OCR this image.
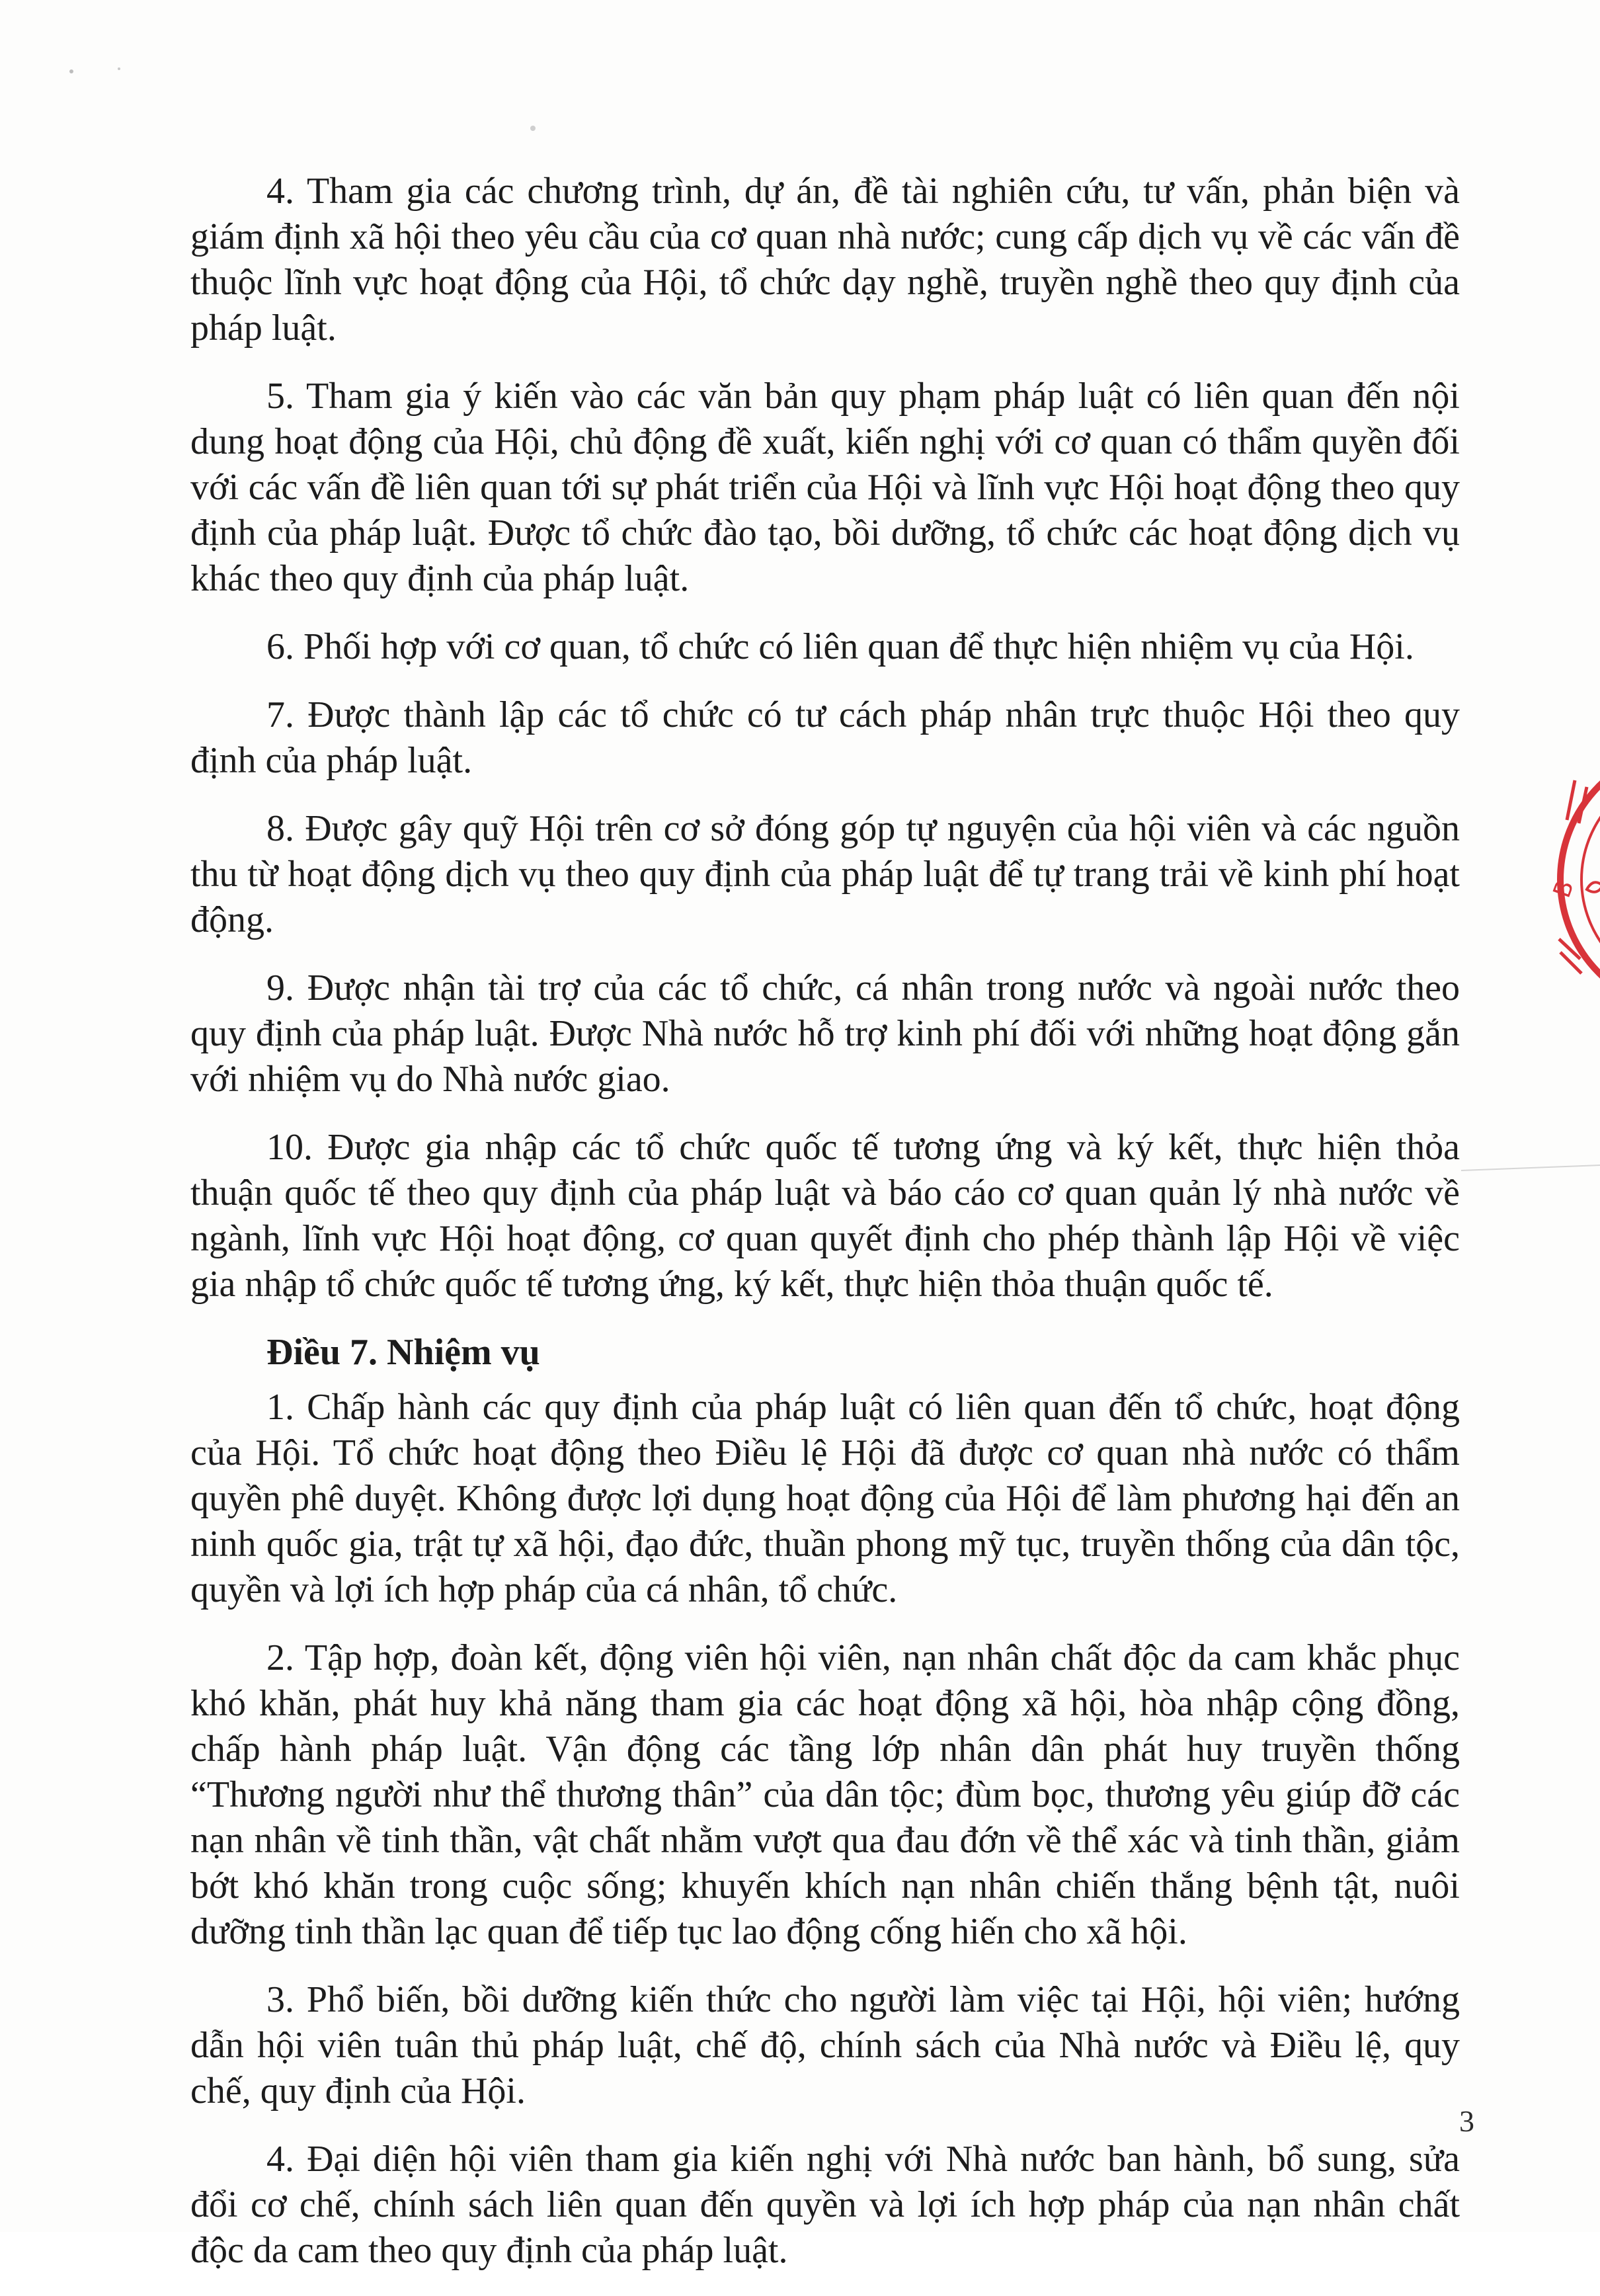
4. Tham gia các chương trình, dự án, đề tài nghiên cứu, tư vấn, phản biện và giám định xã hội theo yêu cầu của cơ quan nhà nước; cung cấp dịch vụ về các vấn đề thuộc lĩnh vực hoạt động của Hội, tổ chức dạy nghề, truyền nghề theo quy định của pháp luật.

5. Tham gia ý kiến vào các văn bản quy phạm pháp luật có liên quan đến nội dung hoạt động của Hội, chủ động đề xuất, kiến nghị với cơ quan có thẩm quyền đối với các vấn đề liên quan tới sự phát triển của Hội và lĩnh vực Hội hoạt động theo quy định của pháp luật. Được tổ chức đào tạo, bồi dưỡng, tổ chức các hoạt động dịch vụ khác theo quy định của pháp luật.

6. Phối hợp với cơ quan, tổ chức có liên quan để thực hiện nhiệm vụ của Hội.

7. Được thành lập các tổ chức có tư cách pháp nhân trực thuộc Hội theo quy định của pháp luật.

8. Được gây quỹ Hội trên cơ sở đóng góp tự nguyện của hội viên và các nguồn thu từ hoạt động dịch vụ theo quy định của pháp luật để tự trang trải về kinh phí hoạt động.

9. Được nhận tài trợ của các tổ chức, cá nhân trong nước và ngoài nước theo quy định của pháp luật. Được Nhà nước hỗ trợ kinh phí đối với những hoạt động gắn với nhiệm vụ do Nhà nước giao.

10. Được gia nhập các tổ chức quốc tế tương ứng và ký kết, thực hiện thỏa thuận quốc tế theo quy định của pháp luật và báo cáo cơ quan quản lý nhà nước về ngành, lĩnh vực Hội hoạt động, cơ quan quyết định cho phép thành lập Hội về việc gia nhập tổ chức quốc tế tương ứng, ký kết, thực hiện thỏa thuận quốc tế.

Điều 7. Nhiệm vụ

1. Chấp hành các quy định của pháp luật có liên quan đến tổ chức, hoạt động của Hội. Tổ chức hoạt động theo Điều lệ Hội đã được cơ quan nhà nước có thẩm quyền phê duyệt. Không được lợi dụng hoạt động của Hội để làm phương hại đến an ninh quốc gia, trật tự xã hội, đạo đức, thuần phong mỹ tục, truyền thống của dân tộc, quyền và lợi ích hợp pháp của cá nhân, tổ chức.

2. Tập hợp, đoàn kết, động viên hội viên, nạn nhân chất độc da cam khắc phục khó khăn, phát huy khả năng tham gia các hoạt động xã hội, hòa nhập cộng đồng, chấp hành pháp luật. Vận động các tầng lớp nhân dân phát huy truyền thống “Thương người như thể thương thân” của dân tộc; đùm bọc, thương yêu giúp đỡ các nạn nhân về tinh thần, vật chất nhằm vượt qua đau đớn về thể xác và tinh thần, giảm bớt khó khăn trong cuộc sống; khuyến khích nạn nhân chiến thắng bệnh tật, nuôi dưỡng tinh thần lạc quan để tiếp tục lao động cống hiến cho xã hội.

3. Phổ biến, bồi dưỡng kiến thức cho người làm việc tại Hội, hội viên; hướng dẫn hội viên tuân thủ pháp luật, chế độ, chính sách của Nhà nước và Điều lệ, quy chế, quy định của Hội.

4. Đại diện hội viên tham gia kiến nghị với Nhà nước ban hành, bổ sung, sửa đổi cơ chế, chính sách liên quan đến quyền và lợi ích hợp pháp của nạn nhân chất độc da cam theo quy định của pháp luật.

3
B
